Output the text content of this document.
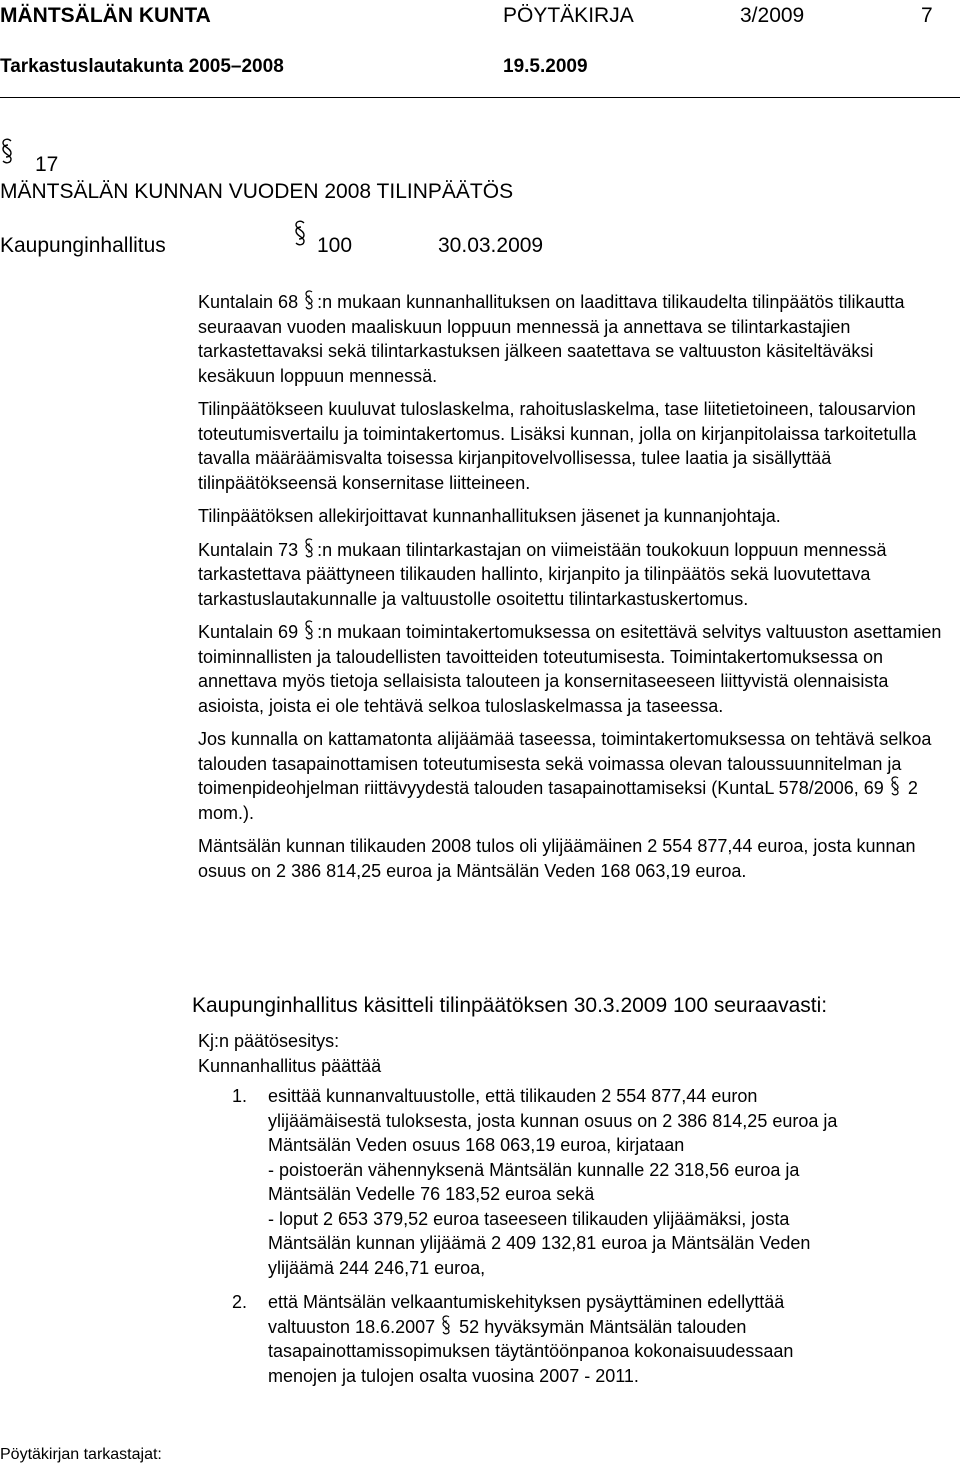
MÄNTSÄLÄN KUNTA	PÖYTÄKIRJA	3/2009	7
Tarkastuslautakunta 2005–2008	19.5.2009
17
MÄNTSÄLÄN KUNNAN VUODEN 2008 TILINPÄÄTÖS
Kaupunginhallitus	100	30.03.2009

Kuntalain 68 :n mukaan kunnanhallituksen on laadittava tilikaudelta tilinpäätös tilikautta seuraavan vuoden maaliskuun loppuun mennessä ja annettava se tilintarkastajien tarkastettavaksi sekä tilintarkastuksen jälkeen saatettava se valtuuston käsiteltäväksi kesäkuun loppuun mennessä.

Tilinpäätökseen kuuluvat tuloslaskelma, rahoituslaskelma, tase liitetietoineen, talousarvion toteutumisvertailu ja toimintakertomus. Lisäksi kunnan, jolla on kirjanpitolaissa tarkoitetulla tavalla määräämisvalta toisessa kirjanpitovelvollisessa, tulee laatia ja sisällyttää tilinpäätökseensä konsernitase liitteineen.

Tilinpäätöksen allekirjoittavat kunnanhallituksen jäsenet ja kunnanjohtaja.

Kuntalain 73 :n mukaan tilintarkastajan on viimeistään toukokuun loppuun mennessä tarkastettava päättyneen tilikauden hallinto, kirjanpito ja tilinpäätös sekä luovutettava tarkastuslautakunnalle ja valtuustolle osoitettu tilintarkastuskertomus.

Kuntalain 69 :n mukaan toimintakertomuksessa on esitettävä selvitys valtuuston asettamien toiminnallisten ja taloudellisten tavoitteiden toteutumisesta. Toimintakertomuksessa on annettava myös tietoja sellaisista talouteen ja konsernitaseeseen liittyvistä olennaisista asioista, joista ei ole tehtävä selkoa tuloslaskelmassa ja taseessa.

Jos kunnalla on kattamatonta alijäämää taseessa, toimintakertomuksessa on tehtävä selkoa talouden tasapainottamisen toteutumisesta sekä voimassa olevan taloussuunnitelman ja toimenpideohjelman riittävyydestä talouden tasapainottamiseksi (KuntaL 578/2006, 69 2 mom.).

Mäntsälän kunnan tilikauden 2008 tulos oli ylijäämäinen 2 554 877,44 euroa, josta kunnan osuus on 2 386 814,25 euroa ja Mäntsälän Veden 168 063,19 euroa.

Kaupunginhallitus käsitteli tilinpäätöksen 30.3.2009 100 seuraavasti:
Kj:n päätösesitys:
Kunnanhallitus päättää
1. esittää kunnanvaltuustolle, että tilikauden 2 554 877,44 euron
ylijäämäisestä tuloksesta, josta kunnan osuus on 2 386 814,25 euroa ja
Mäntsälän Veden osuus 168 063,19 euroa, kirjataan
- poistoerän vähennyksenä Mäntsälän kunnalle 22 318,56 euroa ja
Mäntsälän Vedelle 76 183,52 euroa sekä
- loput 2 653 379,52 euroa taseeseen tilikauden ylijäämäksi, josta
Mäntsälän kunnan ylijäämä 2 409 132,81 euroa ja Mäntsälän Veden
ylijäämä 244 246,71 euroa,
2. että Mäntsälän velkaantumiskehityksen pysäyttäminen edellyttää
valtuuston 18.6.2007 52 hyväksymän Mäntsälän talouden
tasapainottamissopimuksen täytäntöönpanoa kokonaisuudessaan
menojen ja tulojen osalta vuosina 2007 - 2011.
Pöytäkirjan tarkastajat:
